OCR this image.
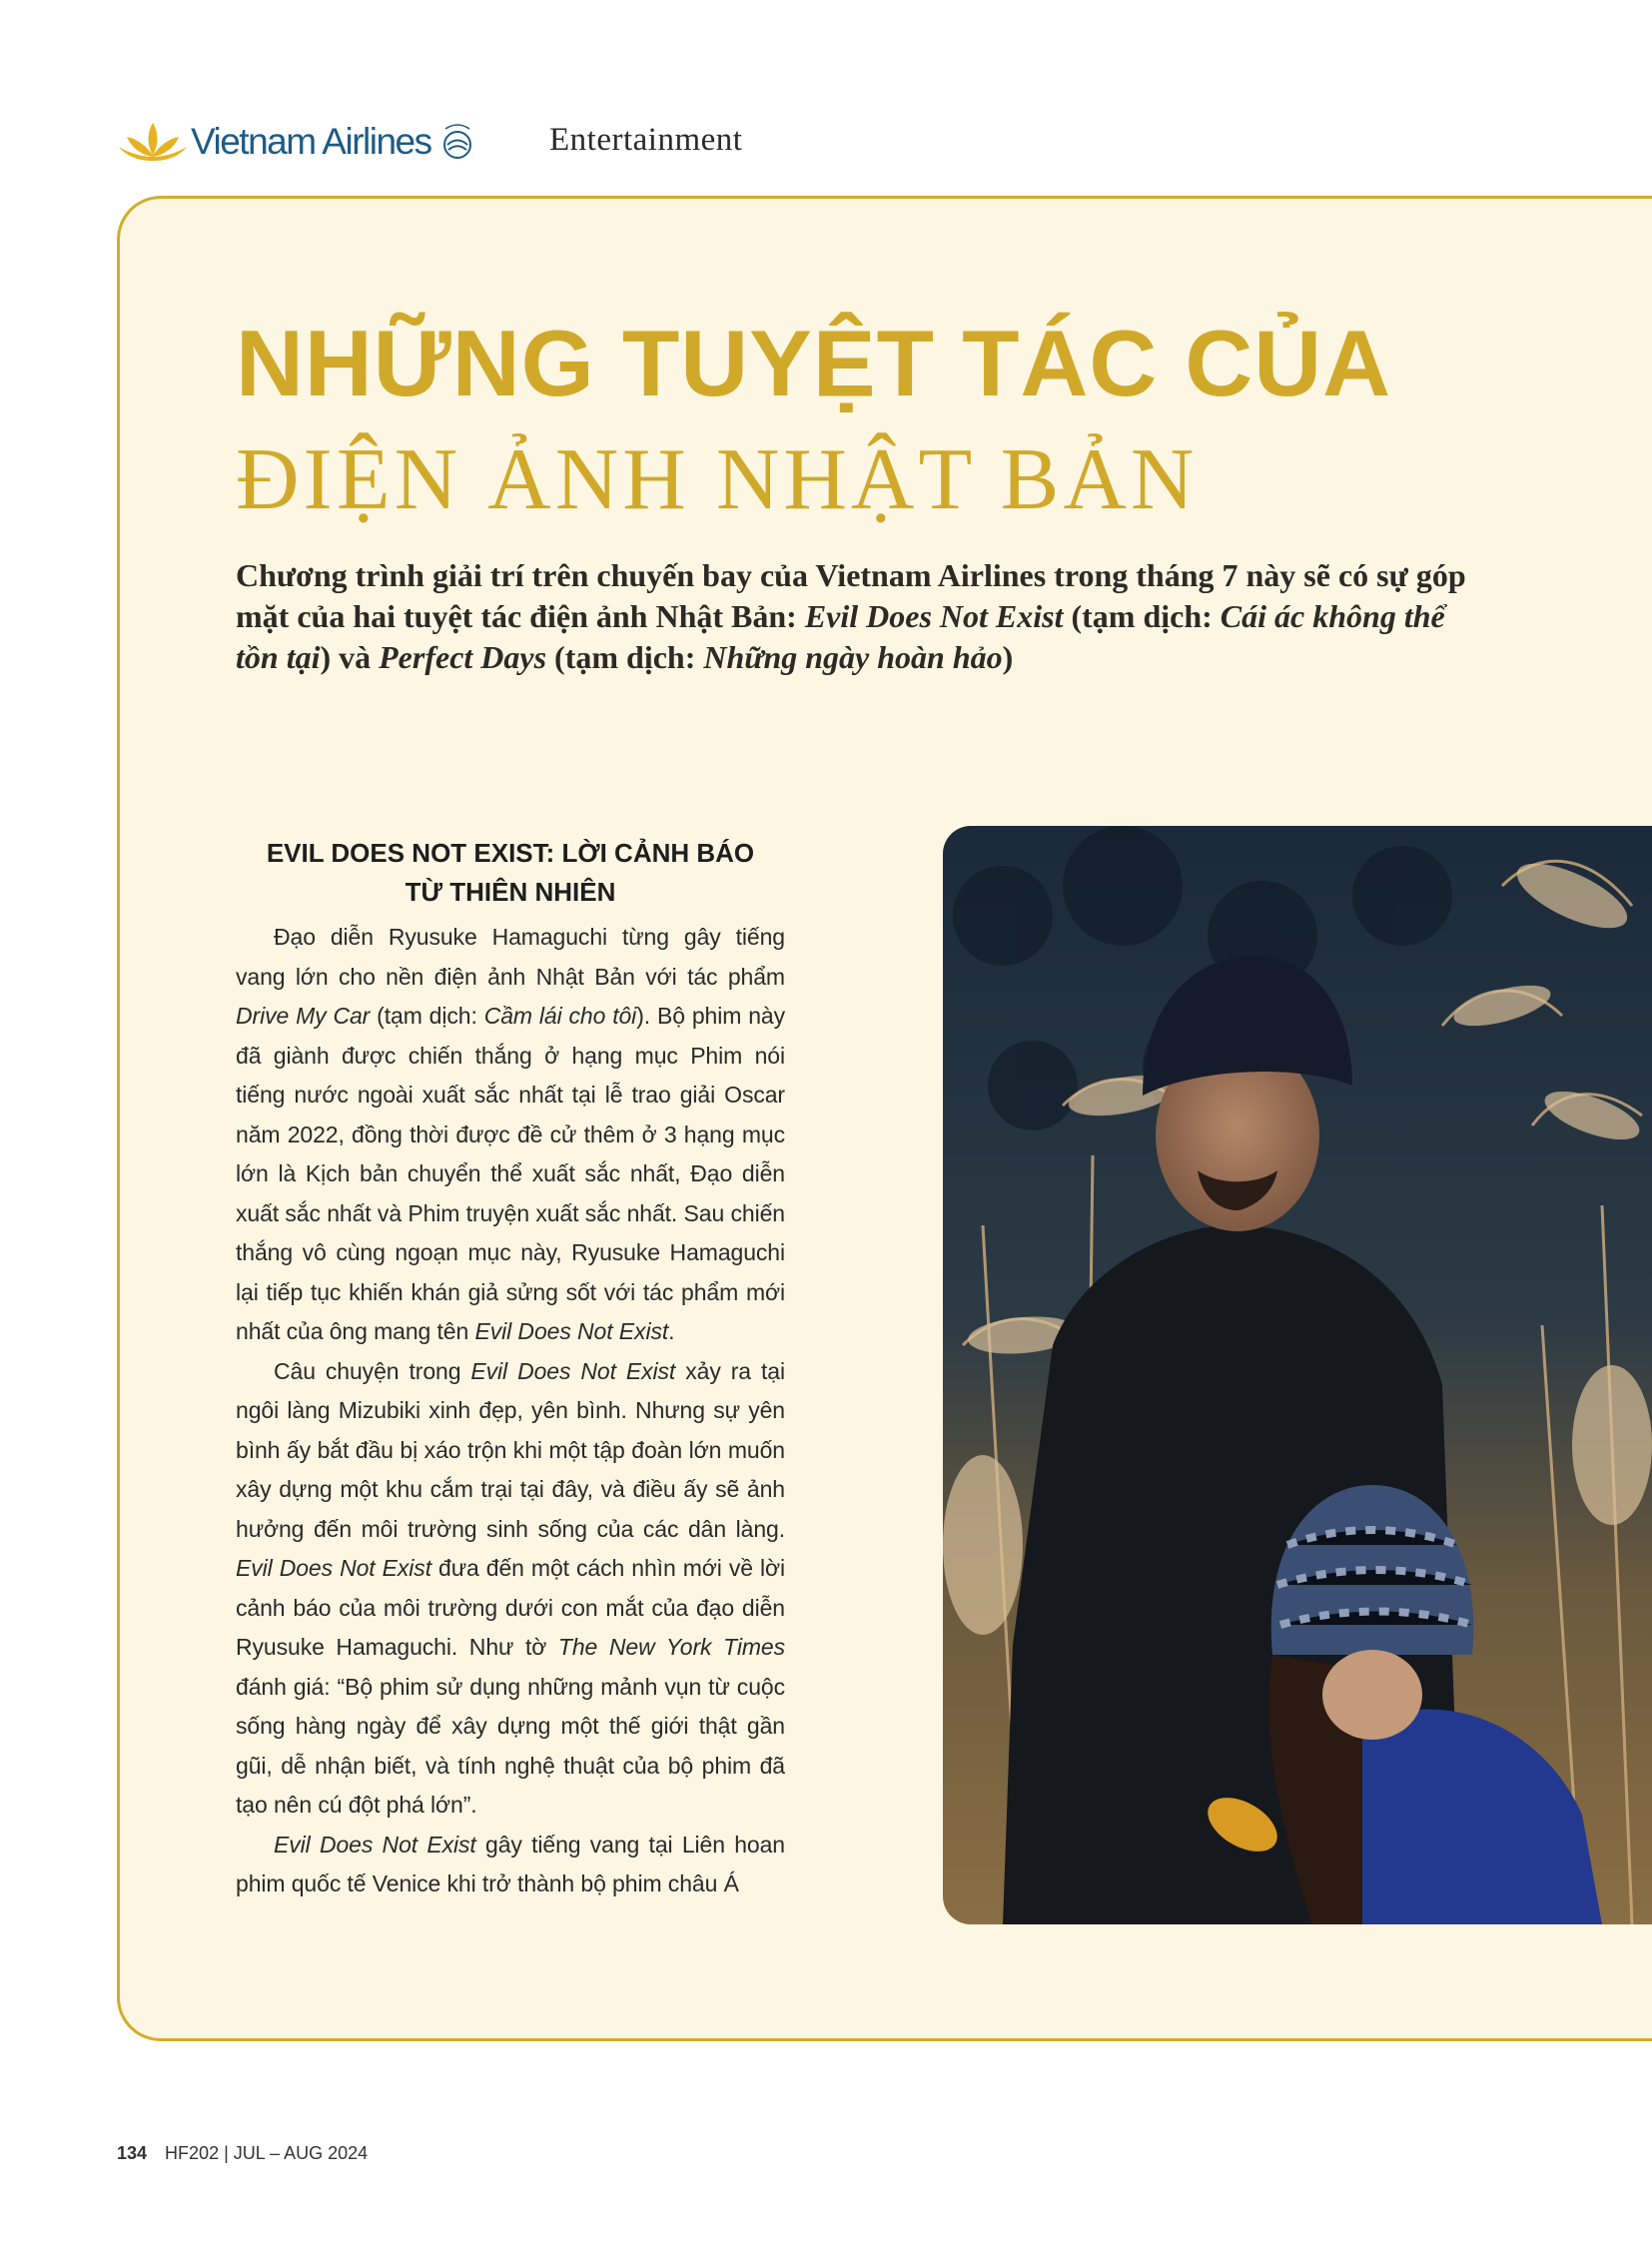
Vietnam Airlines	Entertainment
NHỮNG TUYỆT TÁC CỦA
ĐIỆN ẢNH NHẬT BẢN

Chương trình giải trí trên chuyến bay của Vietnam Airlines trong tháng 7 này sẽ có sự góp mặt của hai tuyệt tác điện ảnh Nhật Bản: Evil Does Not Exist (tạm dịch: Cái ác không thể tồn tại) và Perfect Days (tạm dịch: Những ngày hoàn hảo)

EVIL DOES NOT EXIST: LỜI CẢNH BÁO
TỪ THIÊN NHIÊN

Đạo diễn Ryusuke Hamaguchi từng gây tiếng vang lớn cho nền điện ảnh Nhật Bản với tác phẩm Drive My Car (tạm dịch: Cầm lái cho tôi). Bộ phim này đã giành được chiến thắng ở hạng mục Phim nói tiếng nước ngoài xuất sắc nhất tại lễ trao giải Oscar năm 2022, đồng thời được đề cử thêm ở 3 hạng mục lớn là Kịch bản chuyển thể xuất sắc nhất, Đạo diễn xuất sắc nhất và Phim truyện xuất sắc nhất. Sau chiến thắng vô cùng ngoạn mục này, Ryusuke Hamaguchi lại tiếp tục khiến khán giả sửng sốt với tác phẩm mới nhất của ông mang tên Evil Does Not Exist.

Câu chuyện trong Evil Does Not Exist xảy ra tại ngôi làng Mizubiki xinh đẹp, yên bình. Nhưng sự yên bình ấy bắt đầu bị xáo trộn khi một tập đoàn lớn muốn xây dựng một khu cắm trại tại đây, và điều ấy sẽ ảnh hưởng đến môi trường sinh sống của các dân làng. Evil Does Not Exist đưa đến một cách nhìn mới về lời cảnh báo của môi trường dưới con mắt của đạo diễn Ryusuke Hamaguchi. Như tờ The New York Times đánh giá: “Bộ phim sử dụng những mảnh vụn từ cuộc sống hàng ngày để xây dựng một thế giới thật gần gũi, dễ nhận biết, và tính nghệ thuật của bộ phim đã tạo nên cú đột phá lớn”.

Evil Does Not Exist gây tiếng vang tại Liên hoan phim quốc tế Venice khi trở thành bộ phim châu Á

134 HF202 | JUL – AUG 2024
